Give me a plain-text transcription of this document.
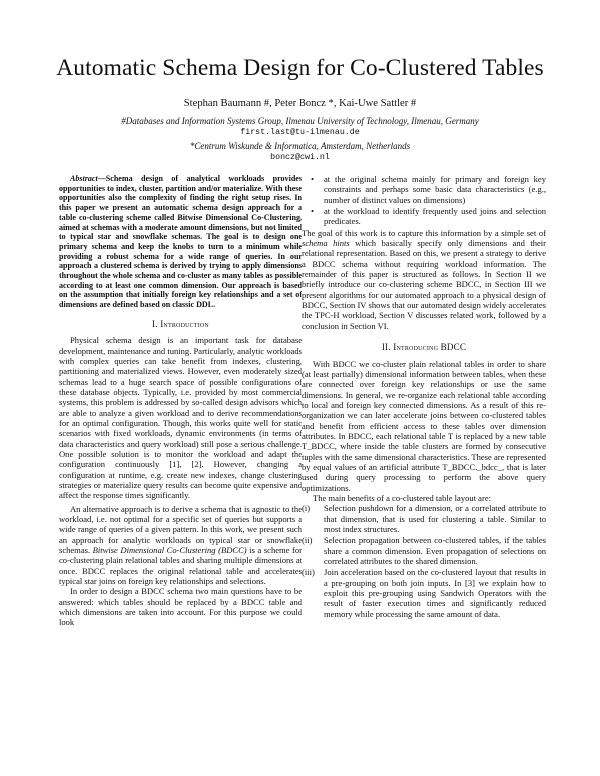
Automatic Schema Design for Co-Clustered Tables
Stephan Baumann #, Peter Boncz *, Kai-Uwe Sattler #
#Databases and Information Systems Group, Ilmenau University of Technology, Ilmenau, Germany
first.last@tu-ilmenau.de
*Centrum Wiskunde & Informatica, Amsterdam, Netherlands
boncz@cwi.nl

Abstract—Schema design of analytical workloads provides opportunities to index, cluster, partition and/or materialize. With these opportunities also the complexity of finding the right setup rises. In this paper we present an automatic schema design approach for a table co-clustering scheme called Bitwise Dimensional Co-Clustering, aimed at schemas with a moderate amount dimensions, but not limited to typical star and snowflake schemas. The goal is to design one primary schema and keep the knobs to turn to a minimum while providing a robust schema for a wide range of queries. In our approach a clustered schema is derived by trying to apply dimensions throughout the whole schema and co-cluster as many tables as possible according to at least one common dimension. Our approach is based on the assumption that initially foreign key relationships and a set of dimensions are defined based on classic DDL.

I. Introduction

Physical schema design is an important task for database development, maintenance and tuning. Particularly, analytic workloads with complex queries can take benefit from indexes, clustering, partitioning and materialized views. However, even moderately sized schemas lead to a huge search space of possible configurations of these database objects. Typically, i.e. provided by most commercial systems, this problem is addressed by so-called design advisors which are able to analyze a given workload and to derive recommendations for an optimal configuration. Though, this works quite well for static scenarios with fixed workloads, dynamic environments (in terms of data characteristics and query workload) still pose a serious challenge. One possible solution is to monitor the workload and adapt the configuration continuously [1], [2]. However, changing a configuration at runtime, e.g. create new indexes, change clustering strategies or materialize query results can become quite expensive and affect the response times significantly.

An alternative approach is to derive a schema that is agnostic to the workload, i.e. not optimal for a specific set of queries but supports a wide range of queries of a given pattern. In this work, we present such an approach for analytic workloads on typical star or snowflake schemas. Bitwise Dimensional Co-Clustering (BDCC) is a scheme for co-clustering plain relational tables and sharing multiple dimensions at once. BDCC replaces the original relational table and accelerates typical star joins on foreign key relationships and selections.

In order to design a BDCC schema two main questions have to be answered: which tables should be replaced by a BDCC table and which dimensions are taken into account. For this purpose we could look

• at the original schema mainly for primary and foreign key constraints and perhaps some basic data characteristics (e.g., number of distinct values on dimensions)
• at the workload to identify frequently used joins and selection predicates.

The goal of this work is to capture this information by a simple set of schema hints which basically specify only dimensions and their relational representation. Based on this, we present a strategy to derive a BDCC schema without requiring workload information. The remainder of this paper is structured as follows. In Section II we briefly introduce our co-clustering scheme BDCC, in Section III we present algorithms for our automated approach to a physical design of BDCC, Section IV shows that our automated design widely accelerates the TPC-H workload, Section V discusses related work, followed by a conclusion in Section VI.

II. Introducing BDCC

With BDCC we co-cluster plain relational tables in order to share (at least partially) dimensional information between tables, when these are connected over foreign key relationships or use the same dimensions. In general, we re-organize each relational table according to local and foreign key connected dimensions. As a result of this re-organization we can later accelerate joins between co-clustered tables and benefit from efficient access to these tables over dimension attributes. In BDCC, each relational table T is replaced by a new table T_BDCC, where inside the table clusters are formed by consecutive tuples with the same dimensional characteristics. These are represented by equal values of an artificial attribute T_BDCC._bdcc_, that is later used during query processing to perform the above query optimizations.

The main benefits of a co-clustered table layout are:

(i) Selection pushdown for a dimension, or a correlated attribute to that dimension, that is used for clustering a table. Similar to most index structures.
(ii) Selection propagation between co-clustered tables, if the tables share a common dimension. Even propagation of selections on correlated attributes to the shared dimension.
(iii) Join acceleration based on the co-clustered layout that results in a pre-grouping on both join inputs. In [3] we explain how to exploit this pre-grouping using Sandwich Operators with the result of faster execution times and significantly reduced memory while processing the same amount of data.
